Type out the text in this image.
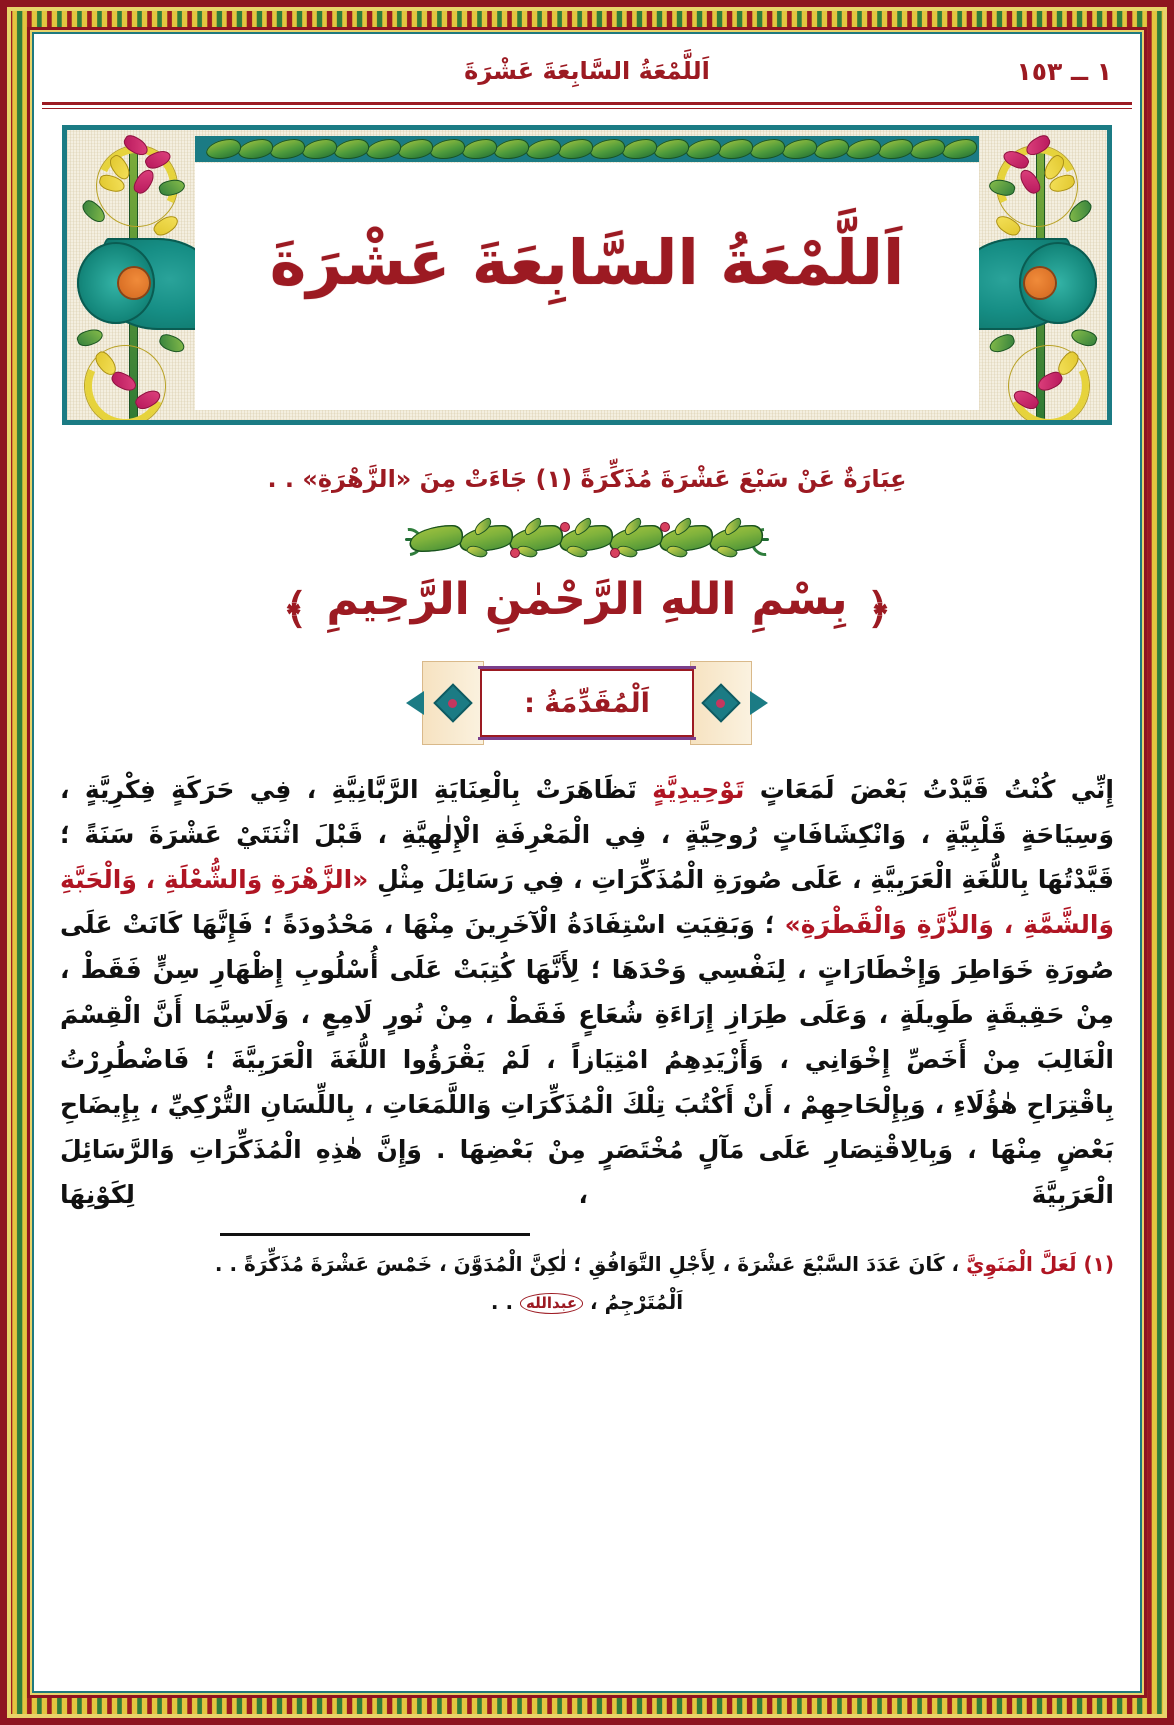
اَللَّمْعَةُ السَّابِعَةَ عَشْرَةَ	١ ــ ١٥٣
اَللَّمْعَةُ السَّابِعَةَ عَشْرَةَ
عِبَارَةٌ عَنْ سَبْعَ عَشْرَةَ مُذَكِّرَةً (١) جَاءَتْ مِنَ «الزَّهْرَةِ» . .
﴿
بِسْمِ اللهِ الرَّحْمٰنِ الرَّحِيمِ
﴾
اَلْمُقَدِّمَةُ :

إِنِّي كُنْتُ قَيَّدْتُ بَعْضَ لَمَعَاتٍ تَوْحِيدِيَّةٍ تَظَاهَرَتْ بِالْعِنَايَةِ الرَّبَّانِيَّةِ ، فِي حَرَكَةٍ فِكْرِيَّةٍ ، وَسِيَاحَةٍ قَلْبِيَّةٍ ، وَانْكِشَافَاتٍ رُوحِيَّةٍ ، فِي الْمَعْرِفَةِ الْإِلٰهِيَّةِ ، قَبْلَ اثْنَتَيْ عَشْرَةَ سَنَةً ؛ قَيَّدْتُهَا بِاللُّغَةِ الْعَرَبِيَّةِ ، عَلَى صُورَةِ الْمُذَكِّرَاتِ ، فِي رَسَائِلَ مِثْلِ «الزَّهْرَةِ وَالشُّعْلَةِ ، وَالْحَبَّةِ وَالشَّمَّةِ ، وَالذَّرَّةِ وَالْقَطْرَةِ» ؛ وَبَقِيَتِ اسْتِفَادَةُ الْآخَرِينَ مِنْهَا ، مَحْدُودَةً ؛ فَإِنَّهَا كَانَتْ عَلَى صُورَةِ خَوَاطِرَ وَإِخْطَارَاتٍ ، لِنَفْسِي وَحْدَهَا ؛ لِأَنَّهَا كُتِبَتْ عَلَى أُسْلُوبِ إِظْهَارِ سِنٍّ فَقَطْ ، مِنْ حَقِيقَةٍ طَوِيلَةٍ ، وَعَلَى طِرَازِ إِرَاءَةِ شُعَاعٍ فَقَطْ ، مِنْ نُورٍ لَامِعٍ ، وَلَاسِيَّمَا أَنَّ الْقِسْمَ الْغَالِبَ مِنْ أَخَصِّ إِخْوَانِي ، وَأَزْيَدِهِمُ امْتِيَازاً ، لَمْ يَقْرَؤُوا اللُّغَةَ الْعَرَبِيَّةَ ؛ فَاضْطُرِرْتُ بِاقْتِرَاحِ هٰؤُلَاءِ ، وَبِإِلْحَاحِهِمْ ، أَنْ أَكْتُبَ تِلْكَ الْمُذَكِّرَاتِ وَاللَّمَعَاتِ ، بِاللِّسَانِ التُّرْكِيِّ ، بِإِيضَاحِ بَعْضٍ مِنْهَا ، وَبِالِاقْتِصَارِ عَلَى مَآلٍ مُخْتَصَرٍ مِنْ بَعْضِهَا . وَإِنَّ هٰذِهِ الْمُذَكِّرَاتِ وَالرَّسَائِلَ الْعَرَبِيَّةَ ، لِكَوْنِهَا

(١) لَعَلَّ الْمَنَوِيَّ ، كَانَ عَدَدَ السَّبْعَ عَشْرَةَ ، لِأَجْلِ التَّوَافُقِ ؛ لٰكِنَّ الْمُدَوَّنَ ، خَمْسَ عَشْرَةَ مُذَكِّرَةً . .

اَلْمُتَرْجِمُ ، عبدالله . .
